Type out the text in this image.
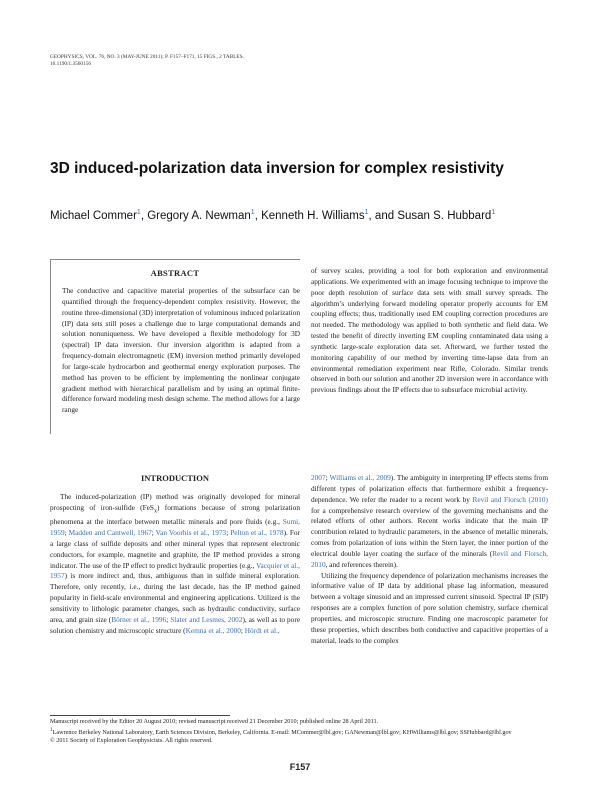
GEOPHYSICS, VOL. 76, NO. 3 (MAY-JUNE 2011); P. F157–F171, 15 FIGS., 2 TABLES.
10.1190/1.3560156
3D induced-polarization data inversion for complex resistivity
Michael Commer$^1$, Gregory A. Newman$^1$, Kenneth H. Williams$^1$, and Susan S. Hubbard$^1$
ABSTRACT

The conductive and capacitive material properties of the subsurface can be quantified through the frequency-dependent complex resistivity. However, the routine three-dimensional (3D) interpretation of voluminous induced polarization (IP) data sets still poses a challenge due to large computational demands and solution nonuniqueness. We have developed a flexible methodology for 3D (spectral) IP data inversion. Our inversion algorithm is adapted from a frequency-domain electromagnetic (EM) inversion method primarily developed for large-scale hydrocarbon and geothermal energy exploration purposes. The method has proven to be efficient by implementing the nonlinear conjugate gradient method with hierarchical parallelism and by using an optimal finite-difference forward modeling mesh design scheme. The method allows for a large range

of survey scales, providing a tool for both exploration and environmental applications. We experimented with an image focusing technique to improve the poor depth resolution of surface data sets with small survey spreads. The algorithm’s underlying forward modeling operator properly accounts for EM coupling effects; thus, traditionally used EM coupling correction procedures are not needed. The methodology was applied to both synthetic and field data. We tested the benefit of directly inverting EM coupling contaminated data using a synthetic large-scale exploration data set. Afterward, we further tested the monitoring capability of our method by inverting time-lapse data from an environmental remediation experiment near Rifle, Colorado. Similar trends observed in both our solution and another 2D inversion were in accordance with previous findings about the IP effects due to subsurface microbial activity.

INTRODUCTION

The induced-polarization (IP) method was originally developed for mineral prospecting of iron-sulfide (FeS$_x$) formations because of strong polarization phenomena at the interface between metallic minerals and pore fluids (e.g., Sumi, 1959; Madden and Cantwell, 1967; Van Voorhis et al., 1973; Pelton et al., 1978). For a large class of sulfide deposits and other mineral types that represent electronic conductors, for example, magnetite and graphite, the IP method provides a strong indicator. The use of the IP effect to predict hydraulic properties (e.g., Vacquier et al., 1957) is more indirect and, thus, ambiguous than in sulfide mineral exploration. Therefore, only recently, i.e., during the last decade, has the IP method gained popularity in field-scale environmental and engineering applications. Utilized is the sensitivity to lithologic parameter changes, such as hydraulic conductivity, surface area, and grain size (Börner et al., 1996; Slater and Lesmes, 2002), as well as to pore solution chemistry and microscopic structure (Kemna et al., 2000; Hördt et al.,

2007; Williams et al., 2009). The ambiguity in interpreting IP effects stems from different types of polarization effects that furthermore exhibit a frequency-dependence. We refer the reader to a recent work by Revil and Florsch (2010) for a comprehensive research overview of the governing mechanisms and the related efforts of other authors. Recent works indicate that the main IP contribution related to hydraulic parameters, in the absence of metallic minerals, comes from polarization of ions within the Stern layer, the inner portion of the electrical double layer coating the surface of the minerals (Revil and Florsch, 2010, and references therein).

Utilizing the frequency dependence of polarization mechanisms increases the informative value of IP data by additional phase lag information, measured between a voltage sinusoid and an impressed current sinusoid. Spectral IP (SIP) responses are a complex function of pore solution chemistry, surface chemical properties, and microscopic structure. Finding one macroscopic parameter for these properties, which describes both conductive and capacitive properties of a material, leads to the complex

Manuscript received by the Editor 20 August 2010; revised manuscript received 21 December 2010; published online 28 April 2011.
$^1$Lawrence Berkeley National Laboratory, Earth Sciences Division, Berkeley, California. E-mail: MCommer@lbl.gov; GANewman@lbl.gov; KHWilliams@lbl.gov; SSHubbard@lbl.gov
© 2011 Society of Exploration Geophysicists. All rights reserved.
F157
